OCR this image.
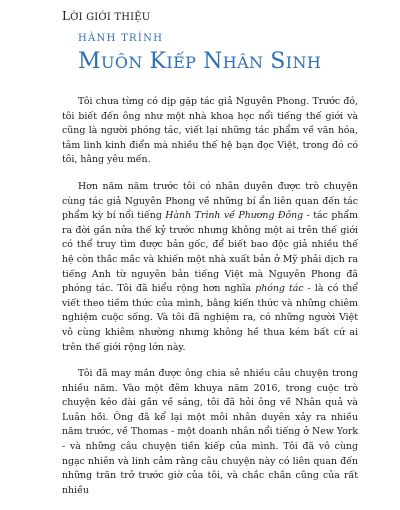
LỜI GIỚI THIỆU
HÀNH TRÌNH
MUÔN KIẾP NHÂN SINH

Tôi chưa từng có dịp gặp tác giả Nguyên Phong. Trước đó, tôi biết đến ông như một nhà khoa học nổi tiếng thế giới và cũng là người phóng tác, viết lại những tác phẩm về văn hóa, tâm linh kinh điển mà nhiều thế hệ bạn đọc Việt, trong đó có tôi, hằng yêu mến.

Hơn năm năm trước tôi có nhân duyên được trò chuyện cùng tác giả Nguyên Phong về những bí ẩn liên quan đến tác phẩm kỳ bí nổi tiếng Hành Trình về Phương Đông - tác phẩm ra đời gần nửa thế kỷ trước nhưng không một ai trên thế giới có thể truy tìm được bản gốc, để biết bao độc giả nhiều thế hệ còn thắc mắc và khiến một nhà xuất bản ở Mỹ phải dịch ra tiếng Anh từ nguyên bản tiếng Việt mà Nguyên Phong đã phóng tác. Tôi đã hiểu rộng hơn nghĩa phóng tác - là có thể viết theo tiềm thức của mình, bằng kiến thức và những chiêm nghiệm cuộc sống. Và tôi đã nghiệm ra, có những người Việt vô cùng khiêm nhường nhưng không hề thua kém bất cứ ai trên thế giới rộng lớn này.

Tôi đã may mắn được ông chia sẻ nhiều câu chuyện trong nhiều năm. Vào một đêm khuya năm 2016, trong cuộc trò chuyện kéo dài gần về sáng, tôi đã hỏi ông về Nhân quả và Luân hồi. Ông đã kể lại một môi nhân duyên xảy ra nhiều năm trước, về Thomas - một doanh nhân nổi tiếng ở New York - và những câu chuyện tiền kiếp của mình. Tôi đã vô cùng ngạc nhiên và linh cảm rằng câu chuyện này có liên quan đến những trăn trở trước giờ của tôi, và chắc chắn cũng của rất nhiều
